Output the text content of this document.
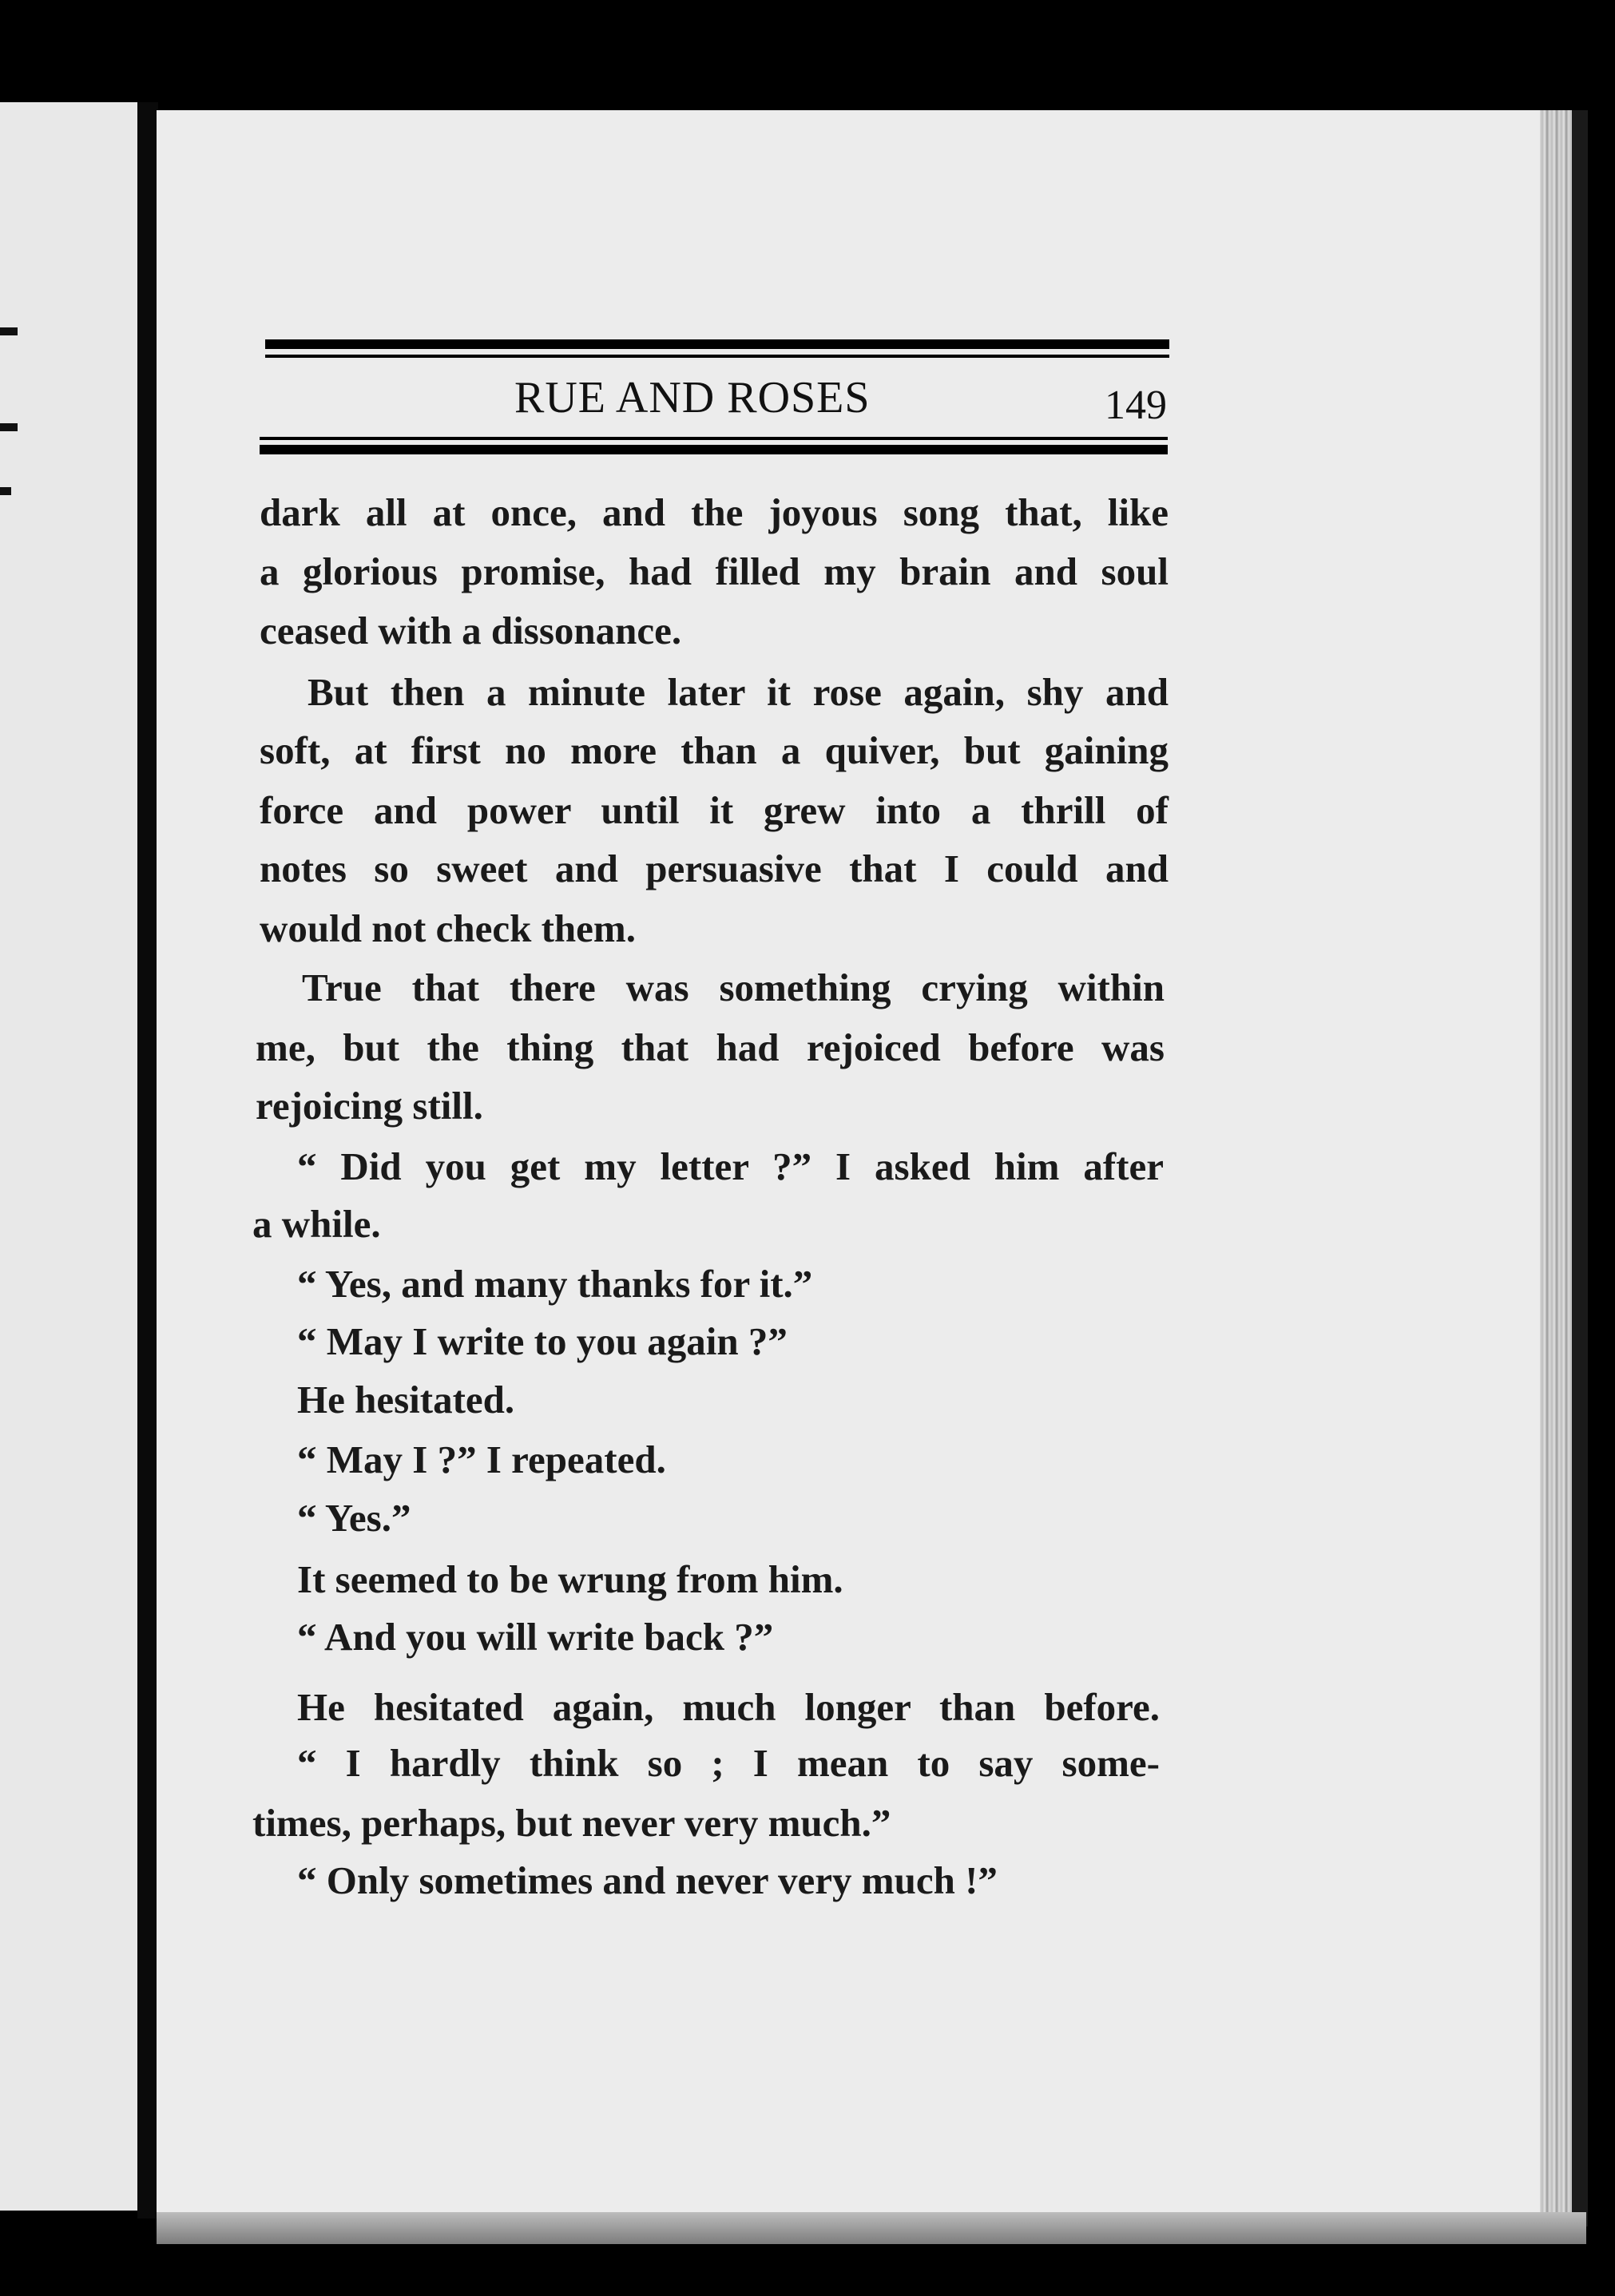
RUE AND ROSES	149
dark all at once, and the joyous song that, like
a glorious promise, had filled my brain and soul
ceased with a dissonance.
But then a minute later it rose again, shy and
soft, at first no more than a quiver, but gaining
force and power until it grew into a thrill of
notes so sweet and persuasive that I could and
would not check them.
True that there was something crying within
me, but the thing that had rejoiced before was
rejoicing still.
“ Did you get my letter ?” I asked him after
a while.
“ Yes, and many thanks for it.”
“ May I write to you again ?”
He hesitated.
“ May I ?” I repeated.
“ Yes.”
It seemed to be wrung from him.
“ And you will write back ?”
He hesitated again, much longer than before.
“ I hardly think so ; I mean to say some-
times, perhaps, but never very much.”
“ Only sometimes and never very much !”
